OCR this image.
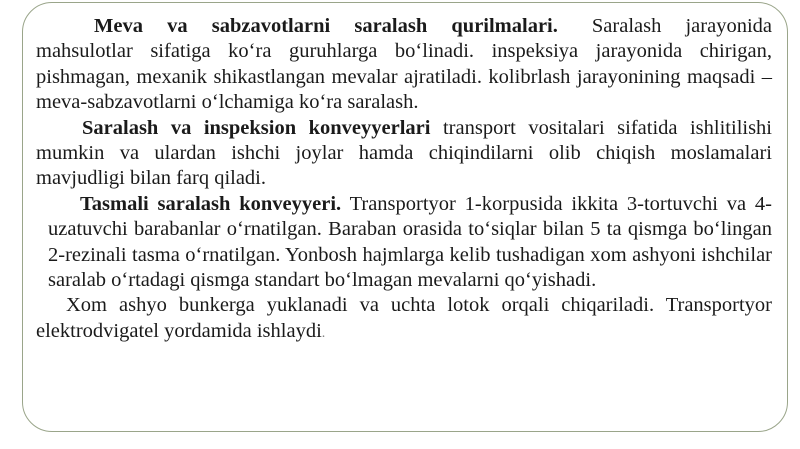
Meva va sabzavotlarni saralash qurilmalari. Saralash jarayonida mahsulotlar sifatiga ko‘ra guruhlarga bo‘linadi. inspeksiya jarayonida chirigan, pishmagan, mexanik shikastlangan mevalar ajratiladi. kolibrlash jarayonining maqsadi – meva-sabzavotlarni o‘lchamiga ko‘ra saralash.

Saralash va inspeksion konveyyerlari transport vositalari sifatida ishlitilishi mumkin va ulardan ishchi joylar hamda chiqindilarni olib chiqish moslamalari mavjudligi bilan farq qiladi.

Tasmali saralash konveyyeri. Transportyor 1-korpusida ikkita 3-tortuvchi va 4-uzatuvchi barabanlar o‘rnatilgan. Baraban orasida to‘siqlar bilan 5 ta qismga bo‘lingan 2-rezinali tasma o‘rnatilgan. Yonbosh hajmlarga kelib tushadigan xom ashyoni ishchilar saralab o‘rtadagi qismga standart bo‘lmagan mevalarni qo‘yishadi.

Xom ashyo bunkerga yuklanadi va uchta lotok orqali chiqariladi. Transportyor elektrodvigatel yordamida ishlaydi.
